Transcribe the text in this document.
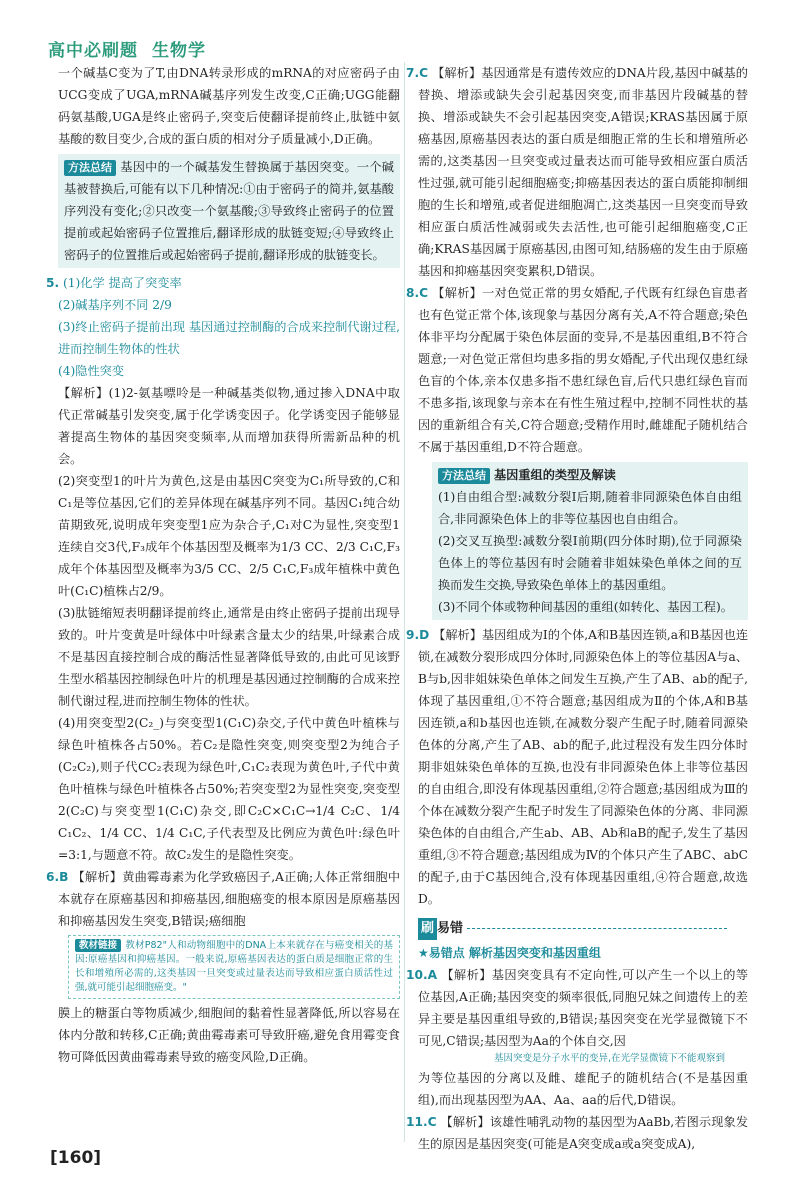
高中必刷题 生物学

一个碱基C变为了T,由DNA转录形成的mRNA的对应密码子由UCG变成了UGA,mRNA碱基序列发生改变,C正确;UGG能翻码氨基酸,UGA是终止密码子,突变后使翻译提前终止,肽链中氨基酸的数目变少,合成的蛋白质的相对分子质量减小,D正确。

方法总结 基因中的一个碱基发生替换属于基因突变。一个碱基被替换后,可能有以下几种情况:①由于密码子的简并,氨基酸序列没有变化;②只改变一个氨基酸;③导致终止密码子的位置提前或起始密码子位置推后,翻译形成的肽链变短;④导致终止密码子的位置推后或起始密码子提前,翻译形成的肽链变长。

5. (1)化学 提高了突变率

(2)碱基序列不同 2/9

(3)终止密码子提前出现 基因通过控制酶的合成来控制代谢过程,进而控制生物体的性状

(4)隐性突变

【解析】(1)2-氨基嘌呤是一种碱基类似物,通过掺入DNA中取代正常碱基引发突变,属于化学诱变因子。化学诱变因子能够显著提高生物体的基因突变频率,从而增加获得所需新品种的机会。

(2)突变型1的叶片为黄色,这是由基因C突变为C₁所导致的,C和C₁是等位基因,它们的差异体现在碱基序列不同。基因C₁纯合幼苗期致死,说明成年突变型1应为杂合子,C₁对C为显性,突变型1连续自交3代,F₃成年个体基因型及概率为1/3 CC、2/3 C₁C,F₃成年个体基因型及概率为3/5 CC、2/5 C₁C,F₃成年植株中黄色叶(C₁C)植株占2/9。

(3)肽链缩短表明翻译提前终止,通常是由终止密码子提前出现导致的。叶片变黄是叶绿体中叶绿素含量太少的结果,叶绿素合成不是基因直接控制合成的酶活性显著降低导致的,由此可见该野生型水稻基因控制绿色叶片的机理是基因通过控制酶的合成来控制代谢过程,进而控制生物体的性状。

(4)用突变型2(C₂_)与突变型1(C₁C)杂交,子代中黄色叶植株与绿色叶植株各占50%。若C₂是隐性突变,则突变型2为纯合子(C₂C₂),则子代CC₂表现为绿色叶,C₁C₂表现为黄色叶,子代中黄色叶植株与绿色叶植株各占50%;若突变型2为显性突变,突变型2(C₂C)与突变型1(C₁C)杂交,即C₂C×C₁C→1/4 C₂C、1/4 C₁C₂、1/4 CC、1/4 C₁C,子代表型及比例应为黄色叶:绿色叶=3:1,与题意不符。故C₂发生的是隐性突变。

6.B 【解析】黄曲霉毒素为化学致癌因子,A正确;人体正常细胞中本就存在原癌基因和抑癌基因,细胞癌变的根本原因是原癌基因和抑癌基因发生突变,B错误;癌细胞

教材链接 教材P82"人和动物细胞中的DNA上本来就存在与癌变相关的基因:原癌基因和抑癌基因。一般来说,原癌基因表达的蛋白质是细胞正常的生长和增殖所必需的,这类基因一旦突变或过量表达而导致相应蛋白质活性过强,就可能引起细胞癌变。"

膜上的糖蛋白等物质减少,细胞间的黏着性显著降低,所以容易在体内分散和转移,C正确;黄曲霉毒素可导致肝癌,避免食用霉变食物可降低因黄曲霉毒素导致的癌变风险,D正确。

7.C 【解析】基因通常是有遗传效应的DNA片段,基因中碱基的替换、增添或缺失会引起基因突变,而非基因片段碱基的替换、增添或缺失不会引起基因突变,A错误;KRAS基因属于原癌基因,原癌基因表达的蛋白质是细胞正常的生长和增殖所必需的,这类基因一旦突变或过量表达而可能导致相应蛋白质活性过强,就可能引起细胞癌变;抑癌基因表达的蛋白质能抑制细胞的生长和增殖,或者促进细胞凋亡,这类基因一旦突变而导致相应蛋白质活性减弱或失去活性,也可能引起细胞癌变,C正确;KRAS基因属于原癌基因,由图可知,结肠癌的发生由于原癌基因和抑癌基因突变累积,D错误。

8.C 【解析】一对色觉正常的男女婚配,子代既有红绿色盲患者也有色觉正常个体,该现象与基因分离有关,A不符合题意;染色体非平均分配属于染色体层面的变异,不是基因重组,B不符合题意;一对色觉正常但均患多指的男女婚配,子代出现仅患红绿色盲的个体,亲本仅患多指不患红绿色盲,后代只患红绿色盲而不患多指,该现象与亲本在有性生殖过程中,控制不同性状的基因的重新组合有关,C符合题意;受精作用时,雌雄配子随机结合不属于基因重组,D不符合题意。

方法总结 基因重组的类型及解读

(1)自由组合型:减数分裂Ⅰ后期,随着非同源染色体自由组合,非同源染色体上的非等位基因也自由组合。

(2)交叉互换型:减数分裂Ⅰ前期(四分体时期),位于同源染色体上的等位基因有时会随着非姐妹染色单体之间的互换而发生交换,导致染色单体上的基因重组。

(3)不同个体或物种间基因的重组(如转化、基因工程)。

9.D 【解析】基因组成为Ⅰ的个体,A和B基因连锁,a和B基因也连锁,在减数分裂形成四分体时,同源染色体上的等位基因A与a、B与b,因非姐妹染色单体之间发生互换,产生了AB、ab的配子,体现了基因重组,①不符合题意;基因组成为Ⅱ的个体,A和B基因连锁,a和b基因也连锁,在减数分裂产生配子时,随着同源染色体的分离,产生了AB、ab的配子,此过程没有发生四分体时期非姐妹染色单体的互换,也没有非同源染色体上非等位基因的自由组合,即没有体现基因重组,②符合题意;基因组成为Ⅲ的个体在减数分裂产生配子时发生了同源染色体的分离、非同源染色体的自由组合,产生ab、AB、Ab和aB的配子,发生了基因重组,③不符合题意;基因组成为Ⅳ的个体只产生了ABC、abC的配子,由于C基因纯合,没有体现基因重组,④符合题意,故选D。

刷 易错

★易错点 解析基因突变和基因重组

10.A 【解析】基因突变具有不定向性,可以产生一个以上的等位基因,A正确;基因突变的频率很低,同胞兄妹之间遗传上的差异主要是基因重组导致的,B错误;基因突变在光学显微镜下不可见,C错误;基因型为Aa的个体自交,因

基因突变是分子水平的变异,在光学显微镜下不能观察到

为等位基因的分离以及雌、雄配子的随机结合(不是基因重组),而出现基因型为AA、Aa、aa的后代,D错误。

11.C 【解析】该雄性哺乳动物的基因型为AaBb,若图示现象发生的原因是基因突变(可能是A突变成a或a突变成A),

[160]
